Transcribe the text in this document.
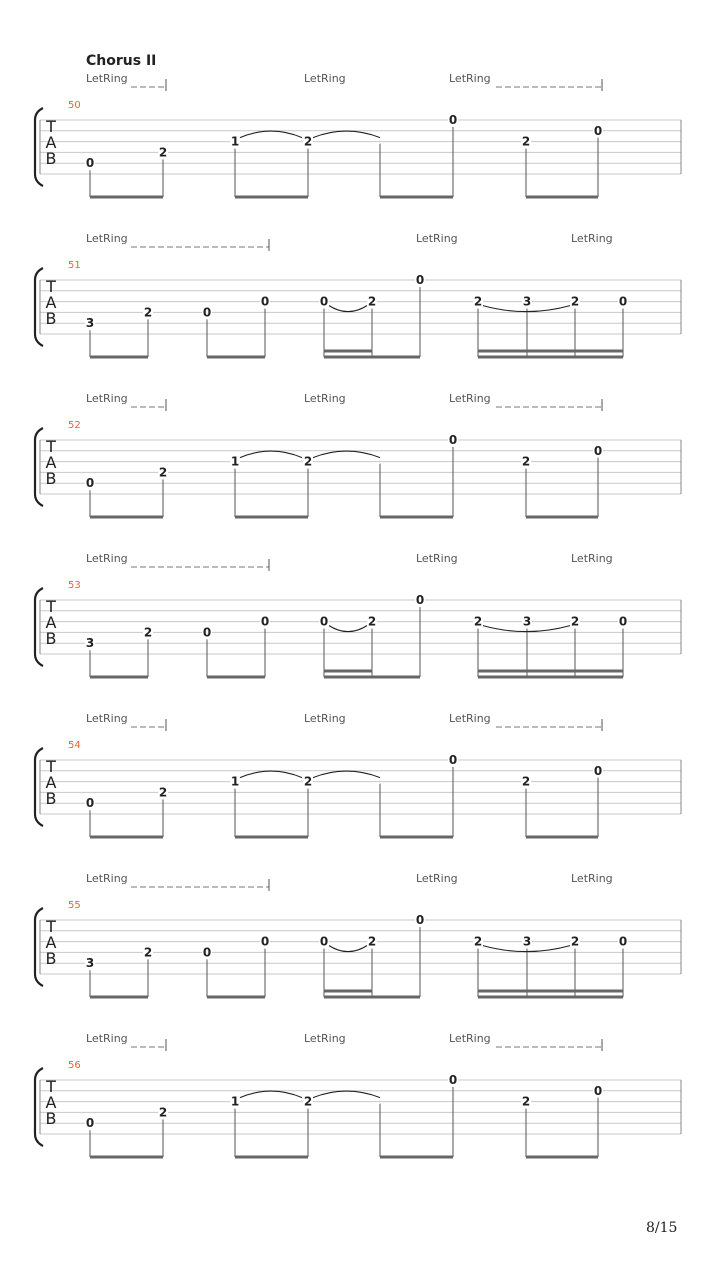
Chorus II
T
A
B
50
LetRing	LetRing	LetRing
0
2
1	2
0
2
0
T
A
B
51
LetRing	LetRing	LetRing
3
2	0
0	0	2
0
2	3	2	0
T
A
B
52
LetRing	LetRing	LetRing
0
2
1	2
0
2
0
T
A
B
53
LetRing	LetRing	LetRing
3
2	0
0	0	2
0
2	3	2	0
T
A
B
54
LetRing	LetRing	LetRing
0
2
1	2
0
2
0
T
A
B
55
LetRing	LetRing	LetRing
3
2	0
0	0	2
0
2	3	2	0
T
A
B
56
LetRing	LetRing	LetRing
0
2
1	2
0
2
0
8/15
